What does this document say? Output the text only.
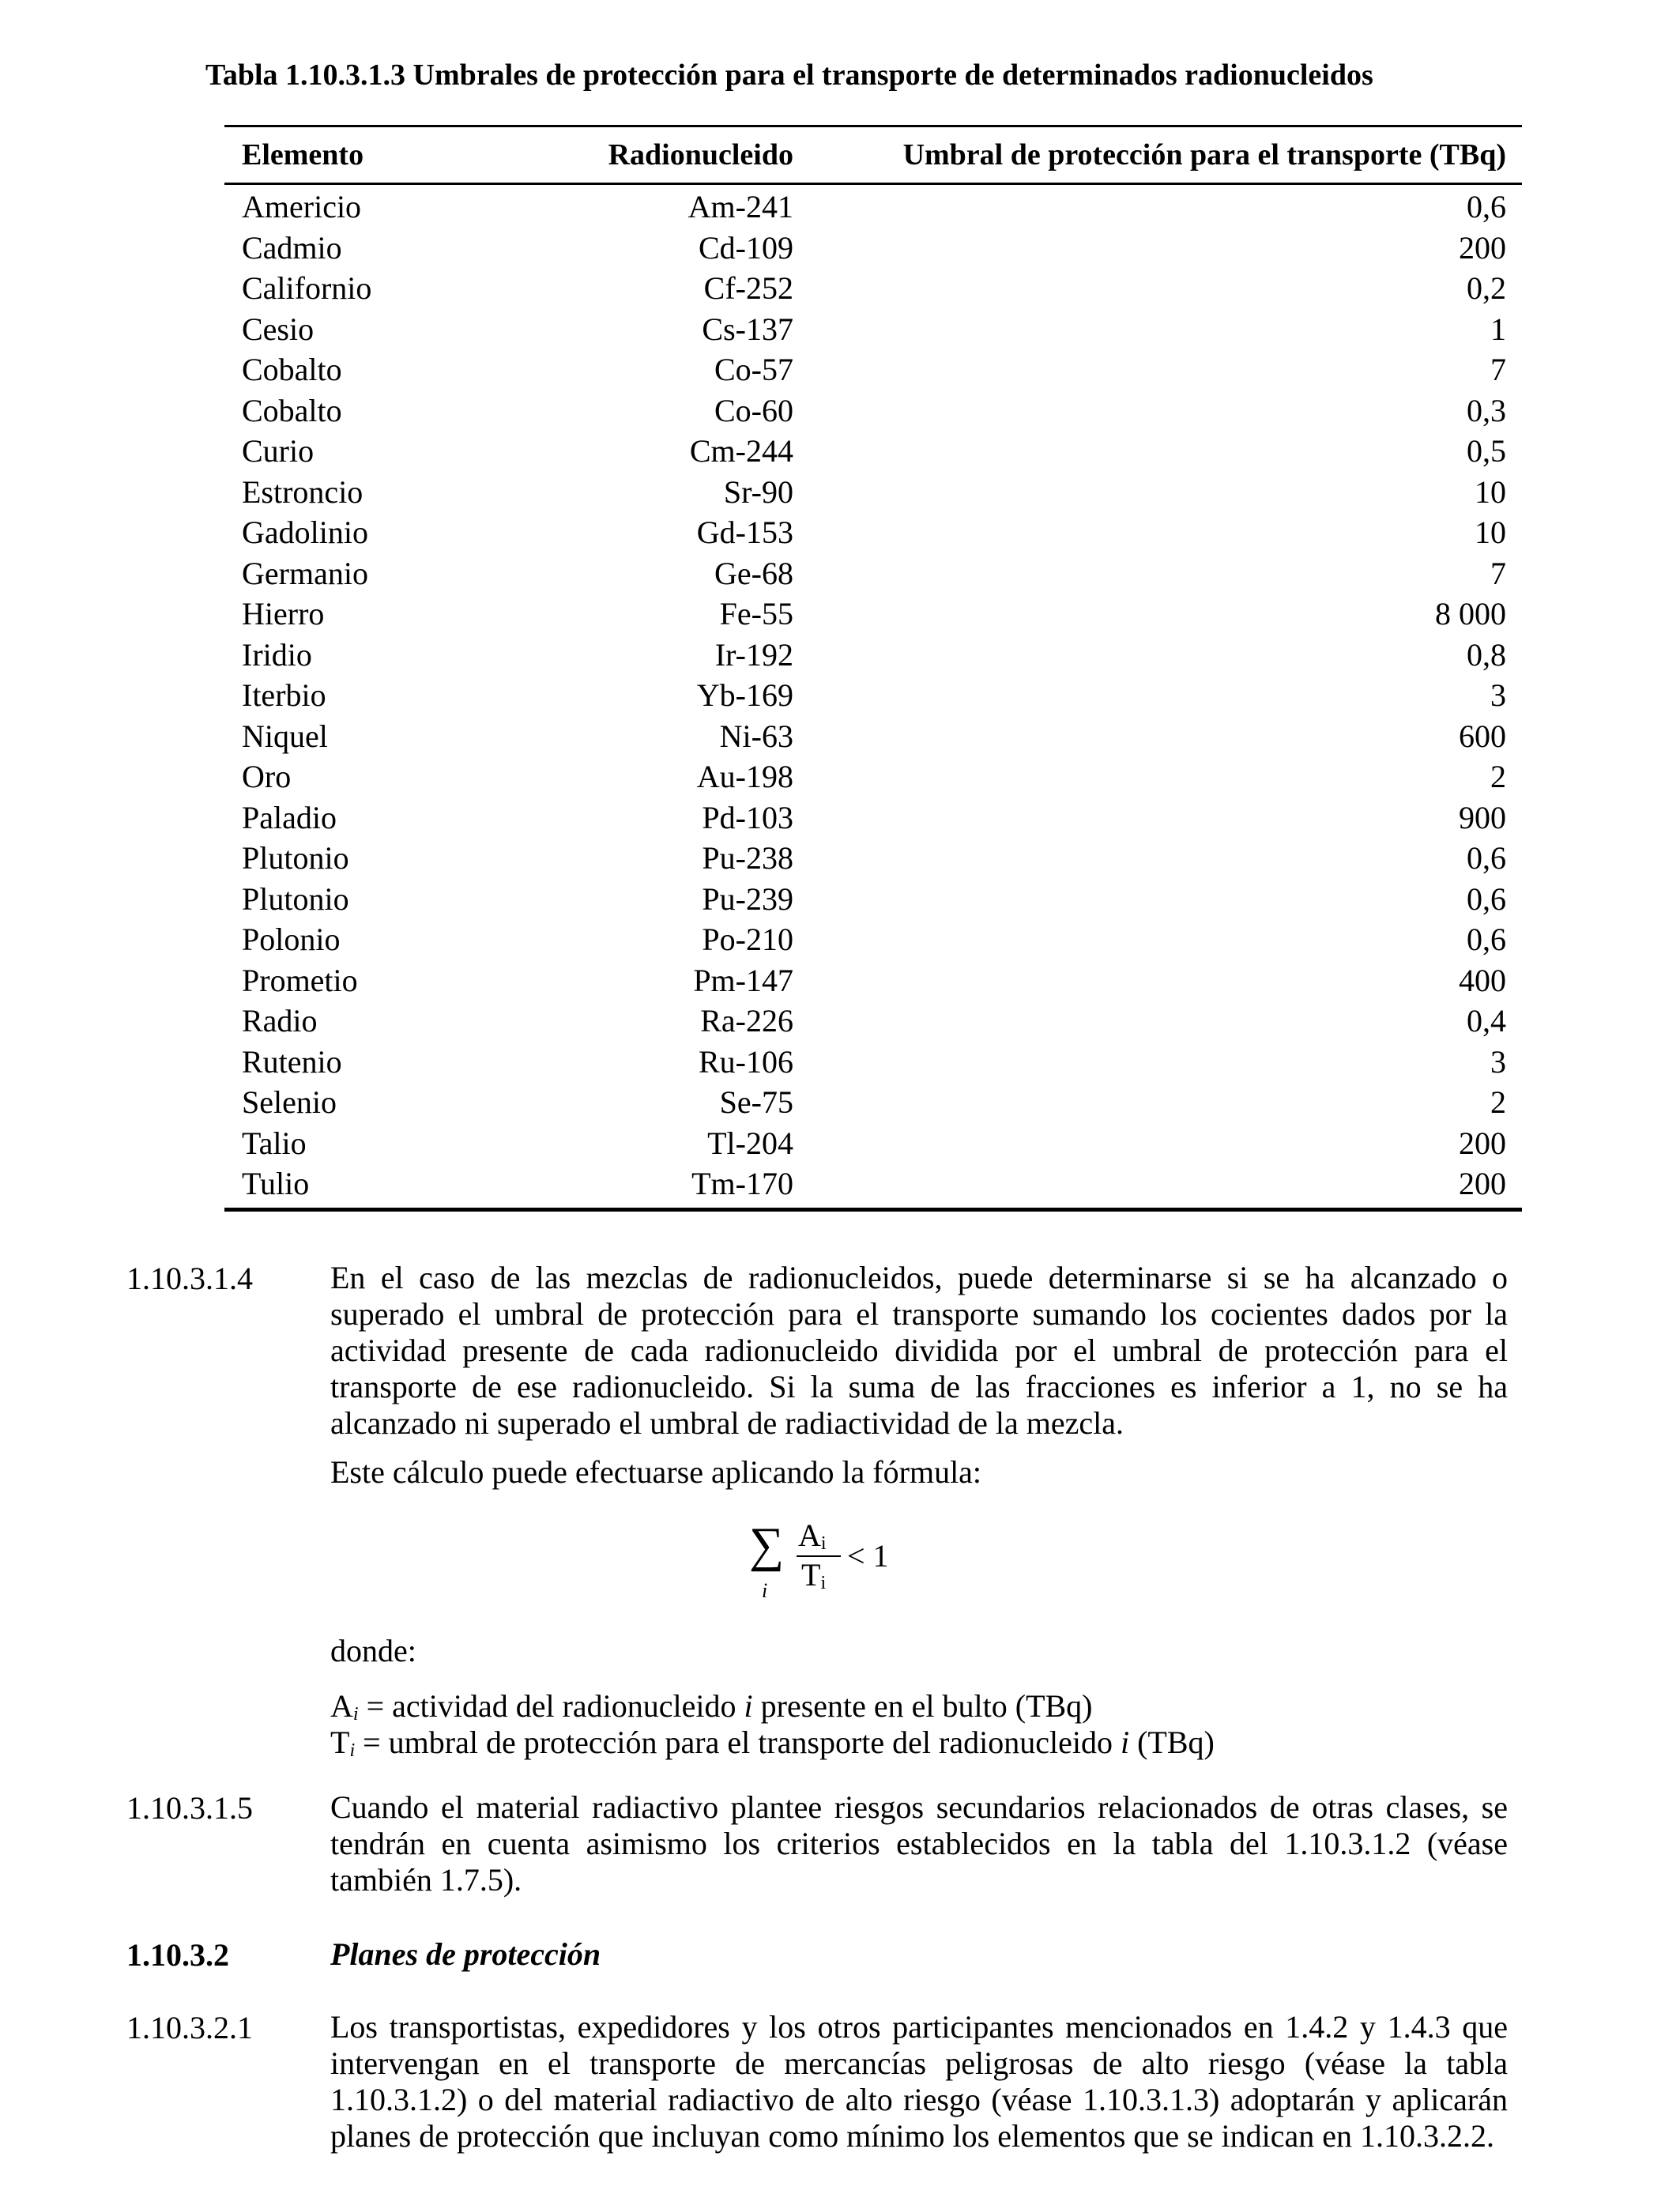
Tabla 1.10.3.1.3 Umbrales de protección para el transporte de determinados radionucleidos
Elemento	Radionucleido	Umbral de protección para el transporte (TBq)
Americio	Am-241	0,6
Cadmio	Cd-109	200
Californio	Cf-252	0,2
Cesio	Cs-137	1
Cobalto	Co-57	7
Cobalto	Co-60	0,3
Curio	Cm-244	0,5
Estroncio	Sr-90	10
Gadolinio	Gd-153	10
Germanio	Ge-68	7
Hierro	Fe-55	8 000
Iridio	Ir-192	0,8
Iterbio	Yb-169	3
Niquel	Ni-63	600
Oro	Au-198	2
Paladio	Pd-103	900
Plutonio	Pu-238	0,6
Plutonio	Pu-239	0,6
Polonio	Po-210	0,6
Prometio	Pm-147	400
Radio	Ra-226	0,4
Rutenio	Ru-106	3
Selenio	Se-75	2
Talio	Tl-204	200
Tulio	Tm-170	200
1.10.3.1.4 En el caso de las mezclas de radionucleidos, puede determinarse si se ha alcanzado o superado el umbral de protección para el transporte sumando los cocientes dados por la actividad presente de cada radionucleido dividida por el umbral de protección para el transporte de ese radionucleido. Si la suma de las fracciones es inferior a 1, no se ha alcanzado ni superado el umbral de radiactividad de la mezcla.
Este cálculo puede efectuarse aplicando la fórmula:
∑
i
Ai
Ti
< 1
donde:
Ai = actividad del radionucleido i presente en el bulto (TBq)
Ti = umbral de protección para el transporte del radionucleido i (TBq)
1.10.3.1.5 Cuando el material radiactivo plantee riesgos secundarios relacionados de otras clases, se tendrán en cuenta asimismo los criterios establecidos en la tabla del 1.10.3.1.2 (véase también 1.7.5).
1.10.3.2	Planes de protección
1.10.3.2.1 Los transportistas, expedidores y los otros participantes mencionados en 1.4.2 y 1.4.3 que intervengan en el transporte de mercancías peligrosas de alto riesgo (véase la tabla 1.10.3.1.2) o del material radiactivo de alto riesgo (véase 1.10.3.1.3) adoptarán y aplicarán planes de protección que incluyan como mínimo los elementos que se indican en 1.10.3.2.2.
